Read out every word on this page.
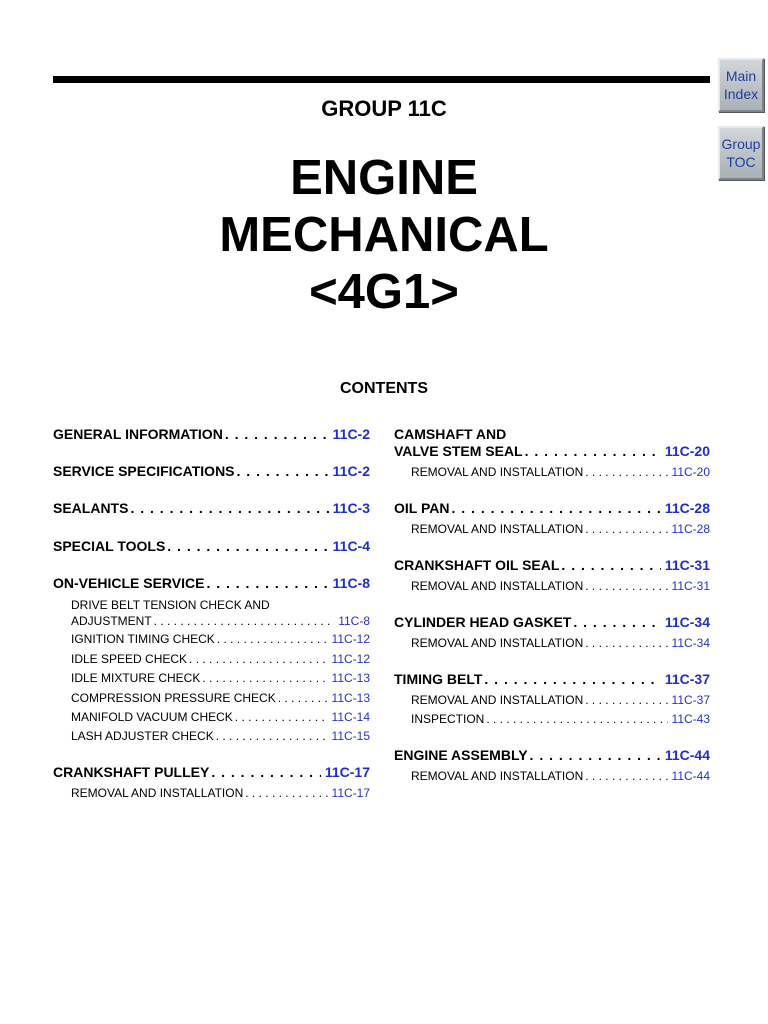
Main
Index
Group
TOC
GROUP 11C
ENGINE
MECHANICAL
<4G1>
CONTENTS
GENERAL INFORMATION . . .	11C-2
SERVICE SPECIFICATIONS . . .	11C-2
SEALANTS . . .	11C-3
SPECIAL TOOLS . . .	11C-4
ON-VEHICLE SERVICE . . .	11C-8
DRIVE BELT TENSION CHECK AND
ADJUSTMENT . . .	11C-8
IGNITION TIMING CHECK . . .	11C-12
IDLE SPEED CHECK . . .	11C-12
IDLE MIXTURE CHECK . . .	11C-13
COMPRESSION PRESSURE CHECK . . .	11C-13
MANIFOLD VACUUM CHECK . . .	11C-14
LASH ADJUSTER CHECK . . .	11C-15
CRANKSHAFT PULLEY . . .	11C-17
REMOVAL AND INSTALLATION . . .	11C-17
CAMSHAFT AND
VALVE STEM SEAL . . .	11C-20
REMOVAL AND INSTALLATION . . .	11C-20
OIL PAN . . .	11C-28
REMOVAL AND INSTALLATION . . .	11C-28
CRANKSHAFT OIL SEAL . . .	11C-31
REMOVAL AND INSTALLATION . . .	11C-31
CYLINDER HEAD GASKET . . .	11C-34
REMOVAL AND INSTALLATION . . .	11C-34
TIMING BELT . . .	11C-37
REMOVAL AND INSTALLATION . . .	11C-37
INSPECTION . . .	11C-43
ENGINE ASSEMBLY . . .	11C-44
REMOVAL AND INSTALLATION . . .	11C-44
